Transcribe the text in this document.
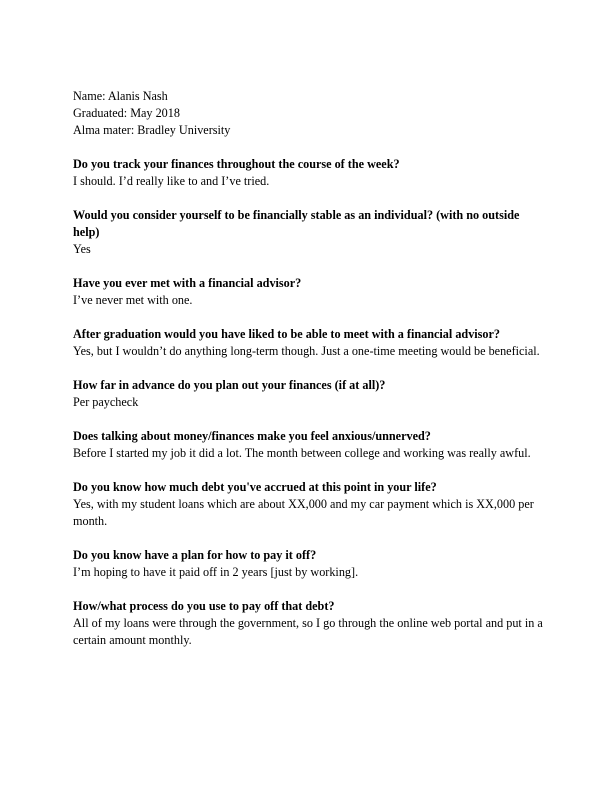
Name: Alanis Nash
Graduated: May 2018
Alma mater: Bradley University
Do you track your finances throughout the course of the week?
I should. I’d really like to and I’ve tried.
Would you consider yourself to be financially stable as an individual? (with no outside help)
Yes
Have you ever met with a financial advisor?
I’ve never met with one.
After graduation would you have liked to be able to meet with a financial advisor?
Yes, but I wouldn’t do anything long-term though. Just a one-time meeting would be beneficial.
How far in advance do you plan out your finances (if at all)?
Per paycheck
Does talking about money/finances make you feel anxious/unnerved?
Before I started my job it did a lot. The month between college and working was really awful.
Do you know how much debt you've accrued at this point in your life?
Yes, with my student loans which are about XX,000 and my car payment which is XX,000 per month.
Do you know have a plan for how to pay it off?
I’m hoping to have it paid off in 2 years [just by working].
How/what process do you use to pay off that debt?
All of my loans were through the government, so I go through the online web portal and put in a certain amount monthly.
